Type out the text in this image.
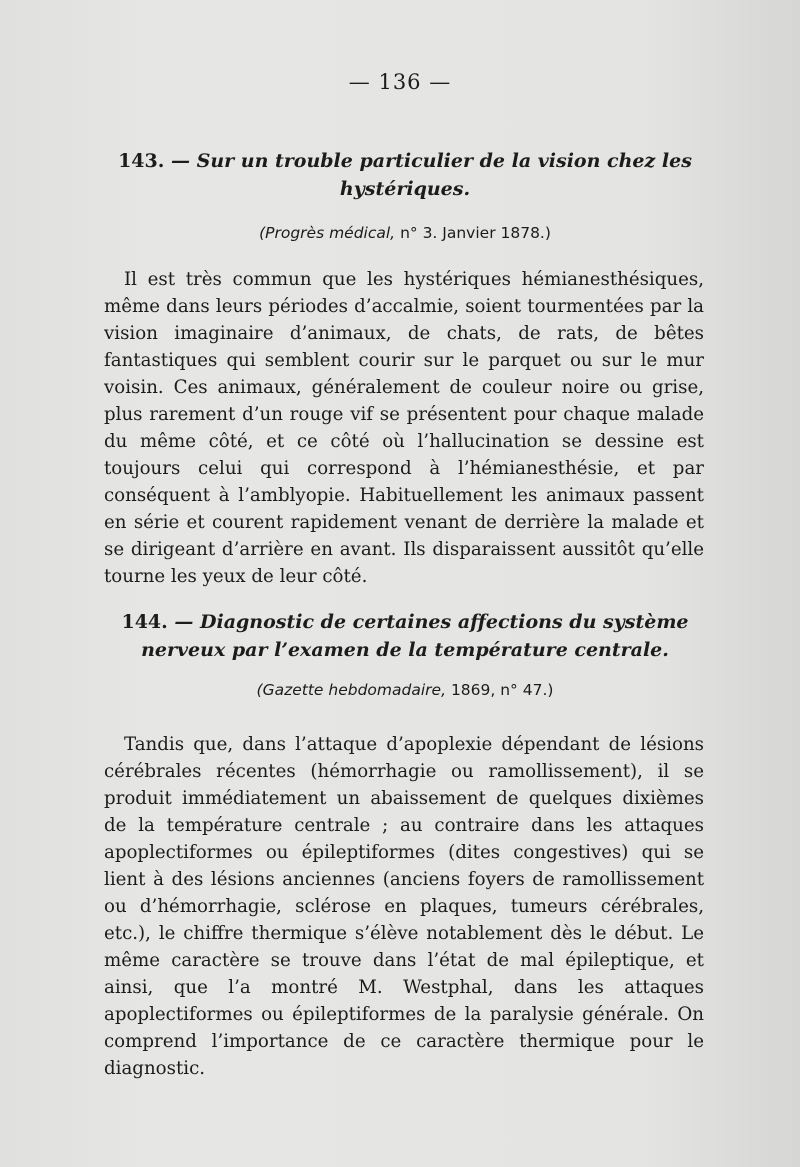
— 136 —
143. — Sur un trouble particulier de la vision chez les hystériques.
(Progrès médical, n° 3. Janvier 1878.)

Il est très commun que les hystériques hémianesthésiques, même dans leurs périodes d’accalmie, soient tourmentées par la vision imaginaire d’animaux, de chats, de rats, de bêtes fantastiques qui semblent courir sur le parquet ou sur le mur voisin. Ces animaux, généralement de couleur noire ou grise, plus rarement d’un rouge vif se présentent pour chaque malade du même côté, et ce côté où l’hallucination se dessine est toujours celui qui correspond à l’hémianesthésie, et par conséquent à l’amblyopie. Habituellement les animaux passent en série et courent rapidement venant de derrière la malade et se dirigeant d’arrière en avant. Ils disparaissent aussitôt qu’elle tourne les yeux de leur côté.

144. — Diagnostic de certaines affections du système nerveux par l’examen de la température centrale.
(Gazette hebdomadaire, 1869, n° 47.)

Tandis que, dans l’attaque d’apoplexie dépendant de lésions cérébrales récentes (hémorrhagie ou ramollissement), il se produit immédiatement un abaissement de quelques dixièmes de la température centrale ; au contraire dans les attaques apoplectiformes ou épileptiformes (dites congestives) qui se lient à des lésions anciennes (anciens foyers de ramollissement ou d’hémorrhagie, sclérose en plaques, tumeurs cérébrales, etc.), le chiffre thermique s’élève notablement dès le début. Le même caractère se trouve dans l’état de mal épileptique, et ainsi, que l’a montré M. Westphal, dans les attaques apoplectiformes ou épileptiformes de la paralysie générale. On comprend l’importance de ce caractère thermique pour le diagnostic.
